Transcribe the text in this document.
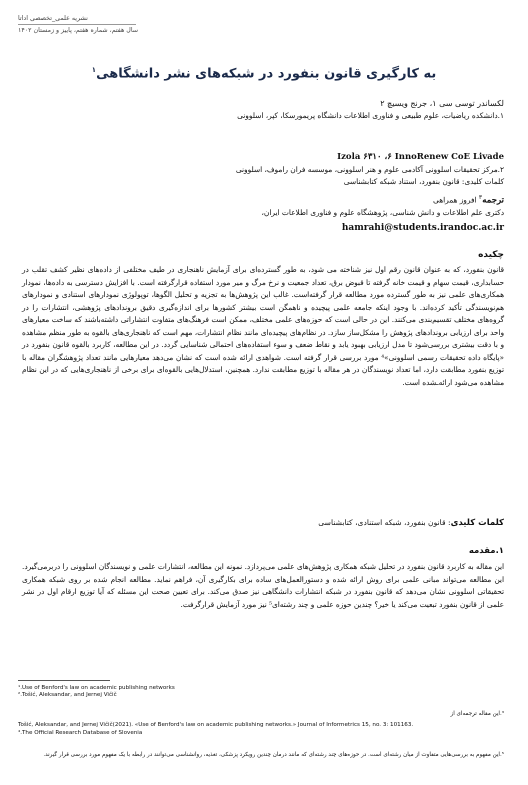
نشریه علمی_تخصصی اداتا
سال هفتم، شماره هفتم، پاییز و زمستان ۱۴۰۲
به کارگیری قانون بنفورد در شبکه‌های نشر دانشگاهی$^۱$
لکساندر توسی سی ۱، جرنج ویسیچ ۲
۱.دانشکده ریاضیات، علوم طبیعی و فناوری اطلاعات دانشگاه پریمورسکا، کپر، اسلوونی
Izola ۶۳۱۰ ،۶ InnoRenew CoE Livade
۲.مرکز تحقیقات اسلوونی آکادمی علوم و هنر اسلوونی، موسسه فران راموف، اسلوونی
کلمات کلیدی: قانون بنفورد، استناد شبکه کتابشناسی
ترجمه$^۳$ افروز همراهی
دکتری علم اطلاعات و دانش شناسی، پژوهشگاه علوم و فناوری اطلاعات ایران،
hamrahi@students.irandoc.ac.ir
چکیده
قانون بنفورد، که به عنوان قانون رقم اول نیز شناخته می شود، به طور گسترده‌ای برای آزمایش ناهنجاری در طیف مختلفی از داده‌های نظیر کشف تقلب در حسابداری، قیمت سهام و قیمت خانه گرفته تا قبوض برق، تعداد جمعیت و نرخ مرگ و میر مورد استفاده قرارگرفته است. با افزایش دسترسی به داده‌ها، نمودار همکاری‌های علمی نیز به طور گسترده مورد مطالعه قرار گرفته‌است. غالب این پژوهش‌ها به تجزیه و تحلیل الگوها، توپولوژی نمودارهای استنادی و نمودارهای هم‌نویسندگی تأکید کرده‌اند. با وجود اینکه جامعه علمی پیچیده و ناهمگن است بیشتر کشورها برای اندازه‌گیری دقیق بروندادهای پژوهشی، انتشارات را در گروه‌های مختلف تقسیم‌بندی می‌کنند. این در حالی است که حوزه‌های علمی مختلف، ممکن است فرهنگ‌های متفاوت انتشاراتی داشته‌باشند که ساخت معیارهای واحد برای ارزیابی بروندادهای پژوهش را مشکل‌ساز سازد. در نظام‌های پیچیده‌ای مانند نظام انتشارات، مهم است که ناهنجاری‌های بالقوه به طور منظم مشاهده و با دقت بیشتری بررسی‌شود تا مدل ارزیابی بهبود یابد و نقاط ضعف و سوء استفاده‌های احتمالی شناسایی گردد. در این مطالعه، کاربرد بالقوه قانون بنفورد در «پایگاه داده تحقیقات رسمی اسلوونی»⁴ مورد بررسی قرار گرفته است. شواهدی ارائه شده است که نشان می‌دهد معیارهایی مانند تعداد پژوهشگران مقاله با توزیع بنفورد مطابقت دارد، اما تعداد نویسندگان در هر مقاله با توزیع مطابقت ندارد. همچنین، استدلال‌هایی بالقوه‌ای برای برخی از ناهنجاری‌هایی که در این نظام مشاهده می‌شود ارائه‌ـشده است.
کلمات کلیدی: قانون بنفورد، شبکه استنادی، کتابشناسی
۱.مقدمه
این مقاله به کاربرد قانون بنفورد در تحلیل شبکه همکاری پژوهش‌های علمی می‌پردازد. نمونه این مطالعه، انتشارات علمی و نویسندگان اسلوونی را دربرمی‌گیرد. این مطالعه می‌تواند مبانی علمی برای روش ارائه شده و دستورالعمل‌های ساده برای بکارگیری آن، فراهم نماید. مطالعه انجام شده بر روی شبکه همکاری تحقیقاتی اسلوونی نشان می‌دهد که قانون بنفورد در شبکه انتشارات دانشگاهی نیز صدق می‌کند. برای تعیین صحت این مسئله که آیا توزیع ارقام اول در نشر علمی از قانون بنفورد تبعیت می‌کند یا خیر؟ چندین حوزه علمی و چند رشته‌ای⁵ نیز مورد آزمایش قرارگرفت.
¹.Use of Benfordꞌs law on academic publishing networks
².Tošić, Aleksandar, and Jernej Vičič
³.این مقاله ترجمه‌ای از
Tošić, Aleksandar, and Jernej Vičič(2021). «Use of Benfordꞌs law on academic publishing networks.» Journal of Informetrics 15, no. 3: 101163.
⁴.The Official Research Database of Slovenia
⁵.این مفهوم به بررسی‌هایی متفاوت از میان رشته‌ای است. در حوزه‌های چند رشته‌ای که مانند درمان چندین رویکرد پزشکی، تغذیه، روانشناسی می‌توانند در رابطه با یک مفهوم مورد بررسی قرار گیرند.
